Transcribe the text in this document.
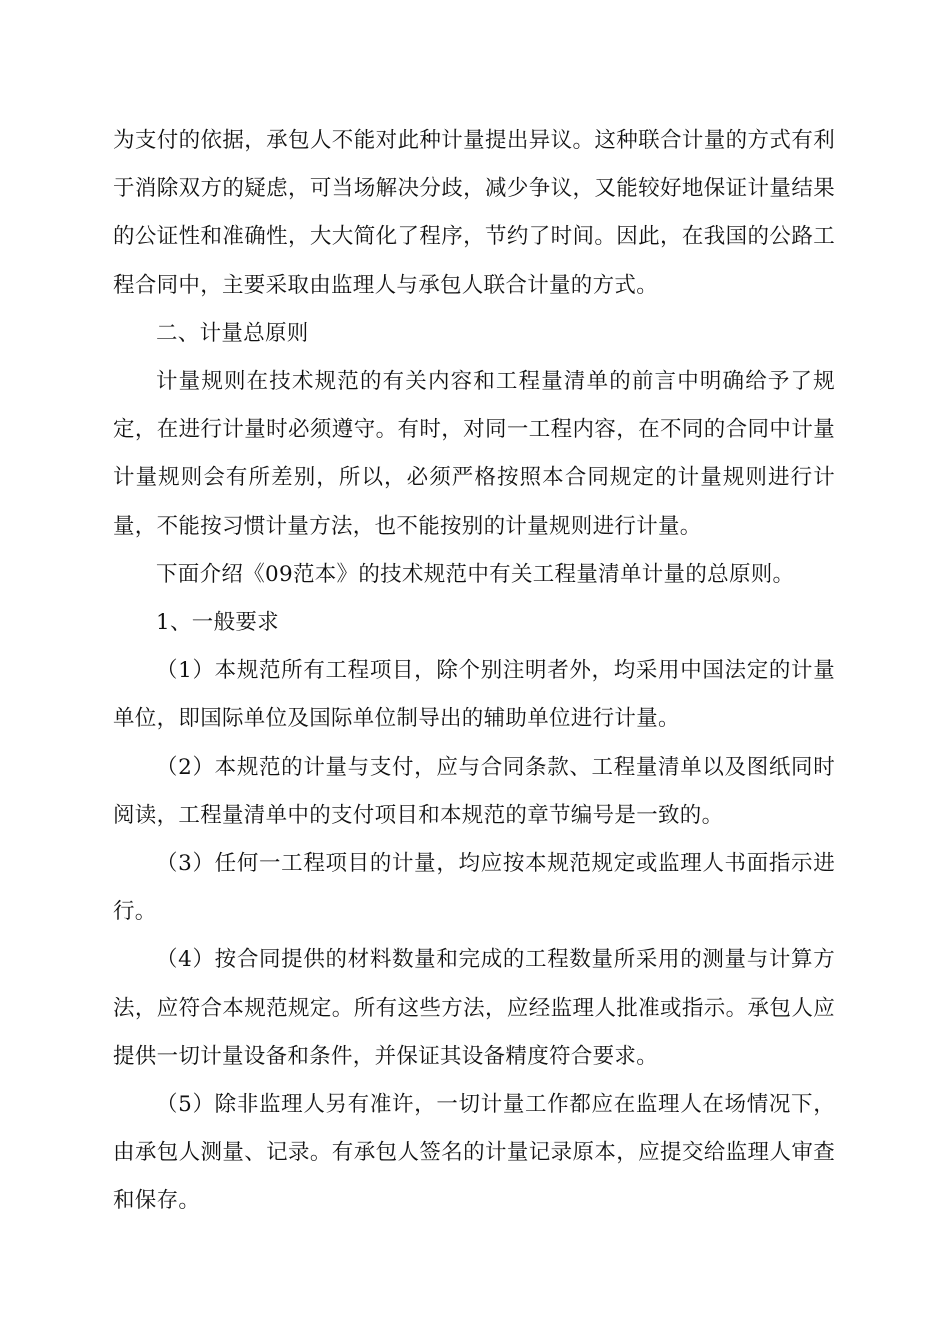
为支付的依据，承包人不能对此种计量提出异议。这种联合计量的方式有利于消除双方的疑虑，可当场解决分歧，减少争议，又能较好地保证计量结果的公证性和准确性，大大简化了程序，节约了时间。因此，在我国的公路工程合同中，主要采取由监理人与承包人联合计量的方式。

二、计量总原则

计量规则在技术规范的有关内容和工程量清单的前言中明确给予了规定，在进行计量时必须遵守。有时，对同一工程内容，在不同的合同中计量计量规则会有所差别，所以，必须严格按照本合同规定的计量规则进行计量，不能按习惯计量方法，也不能按别的计量规则进行计量。

下面介绍《09范本》的技术规范中有关工程量清单计量的总原则。

1、一般要求

（1）本规范所有工程项目，除个别注明者外，均采用中国法定的计量单位，即国际单位及国际单位制导出的辅助单位进行计量。

（2）本规范的计量与支付，应与合同条款、工程量清单以及图纸同时阅读，工程量清单中的支付项目和本规范的章节编号是一致的。

（3）任何一工程项目的计量，均应按本规范规定或监理人书面指示进行。

（4）按合同提供的材料数量和完成的工程数量所采用的测量与计算方法，应符合本规范规定。所有这些方法，应经监理人批准或指示。承包人应提供一切计量设备和条件，并保证其设备精度符合要求。

（5）除非监理人另有准许，一切计量工作都应在监理人在场情况下，由承包人测量、记录。有承包人签名的计量记录原本，应提交给监理人审查和保存。
